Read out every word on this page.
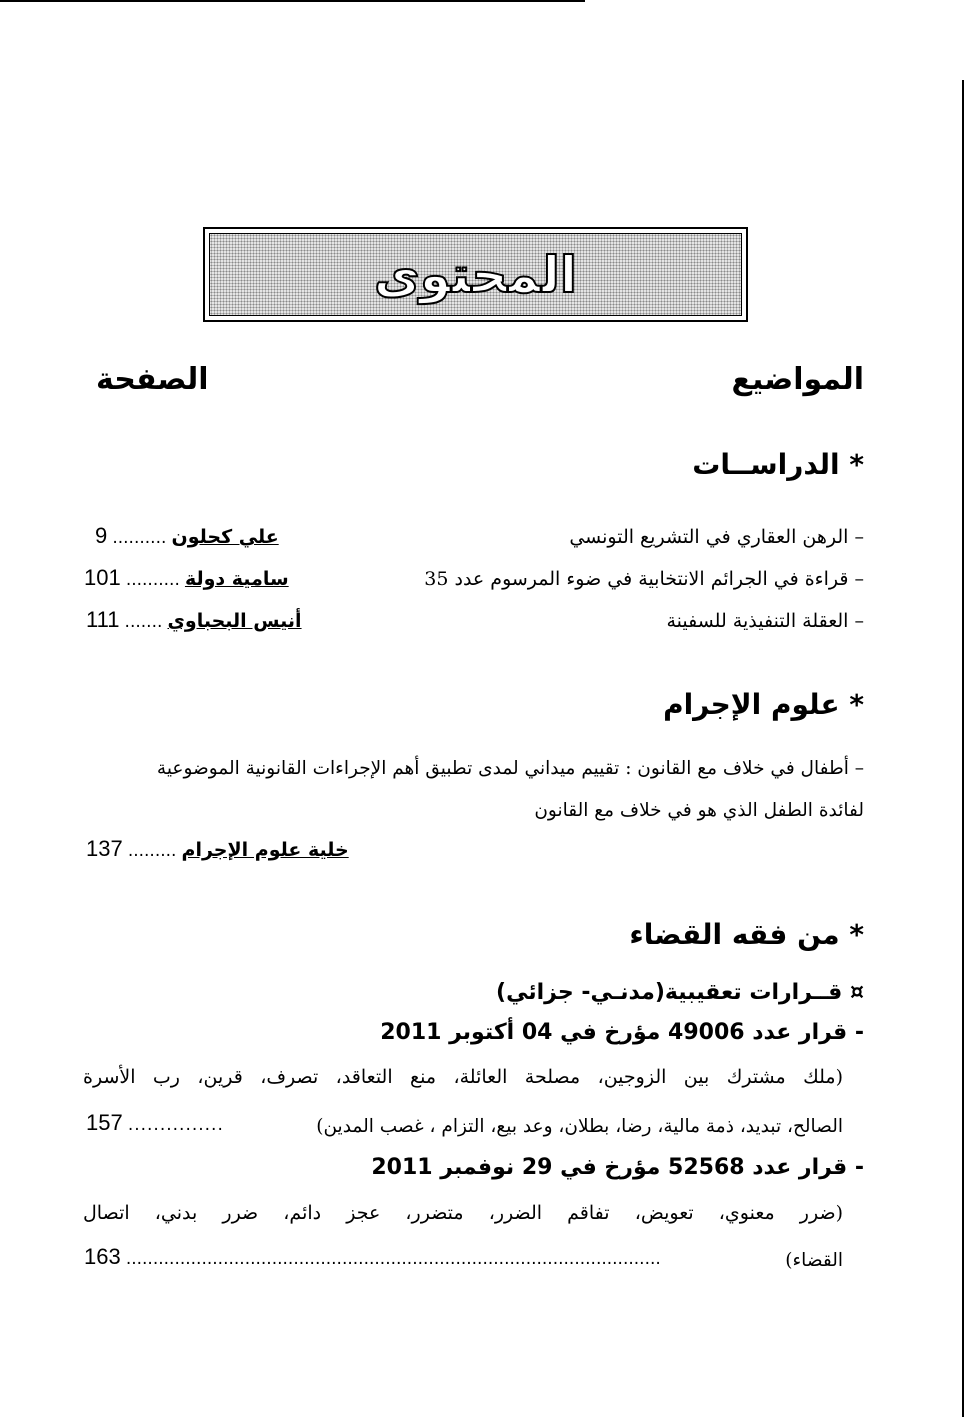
المحتوى
المواضيع
الصفحة
* الدراســات
– الرهن العقاري في التشريع التونسي
9 .......... علي كحلون
– قراءة في الجرائم الانتخابية في ضوء المرسوم عدد 35
101 .......... سامية دولة
– العقلة التنفيذية للسفينة
111 ....... أنيس البحباوي
* علوم الإجرام
– أطفال في خلاف مع القانون : تقييم ميداني لمدى تطبيق أهم الإجراءات القانونية الموضوعية
لفائدة الطفل الذي هو في خلاف مع القانون
137 ......... خلية علوم الإجرام
* من فقه القضاء
¤ قــرارات تعقيبية(مدنـي- جزائي)
- قرار عدد 49006 مؤرخ في 04 أكتوبر 2011
(ملك مشترك بين الزوجين، مصلحة العائلة، منع التعاقد، تصرف، قرين، رب الأسرة
الصالح، تبديد، ذمة مالية، رضا، بطلان، وعد بيع، التزام ، غصب المدين)
157 ...............
- قرار عدد 52568 مؤرخ في 29 نوفمبر 2011
(ضرر معنوي، تعويض، تفاقم الضرر، متضرر، عجز دائم، ضرر بدني، اتصال
القضاء)
163 ...................................................................................................
